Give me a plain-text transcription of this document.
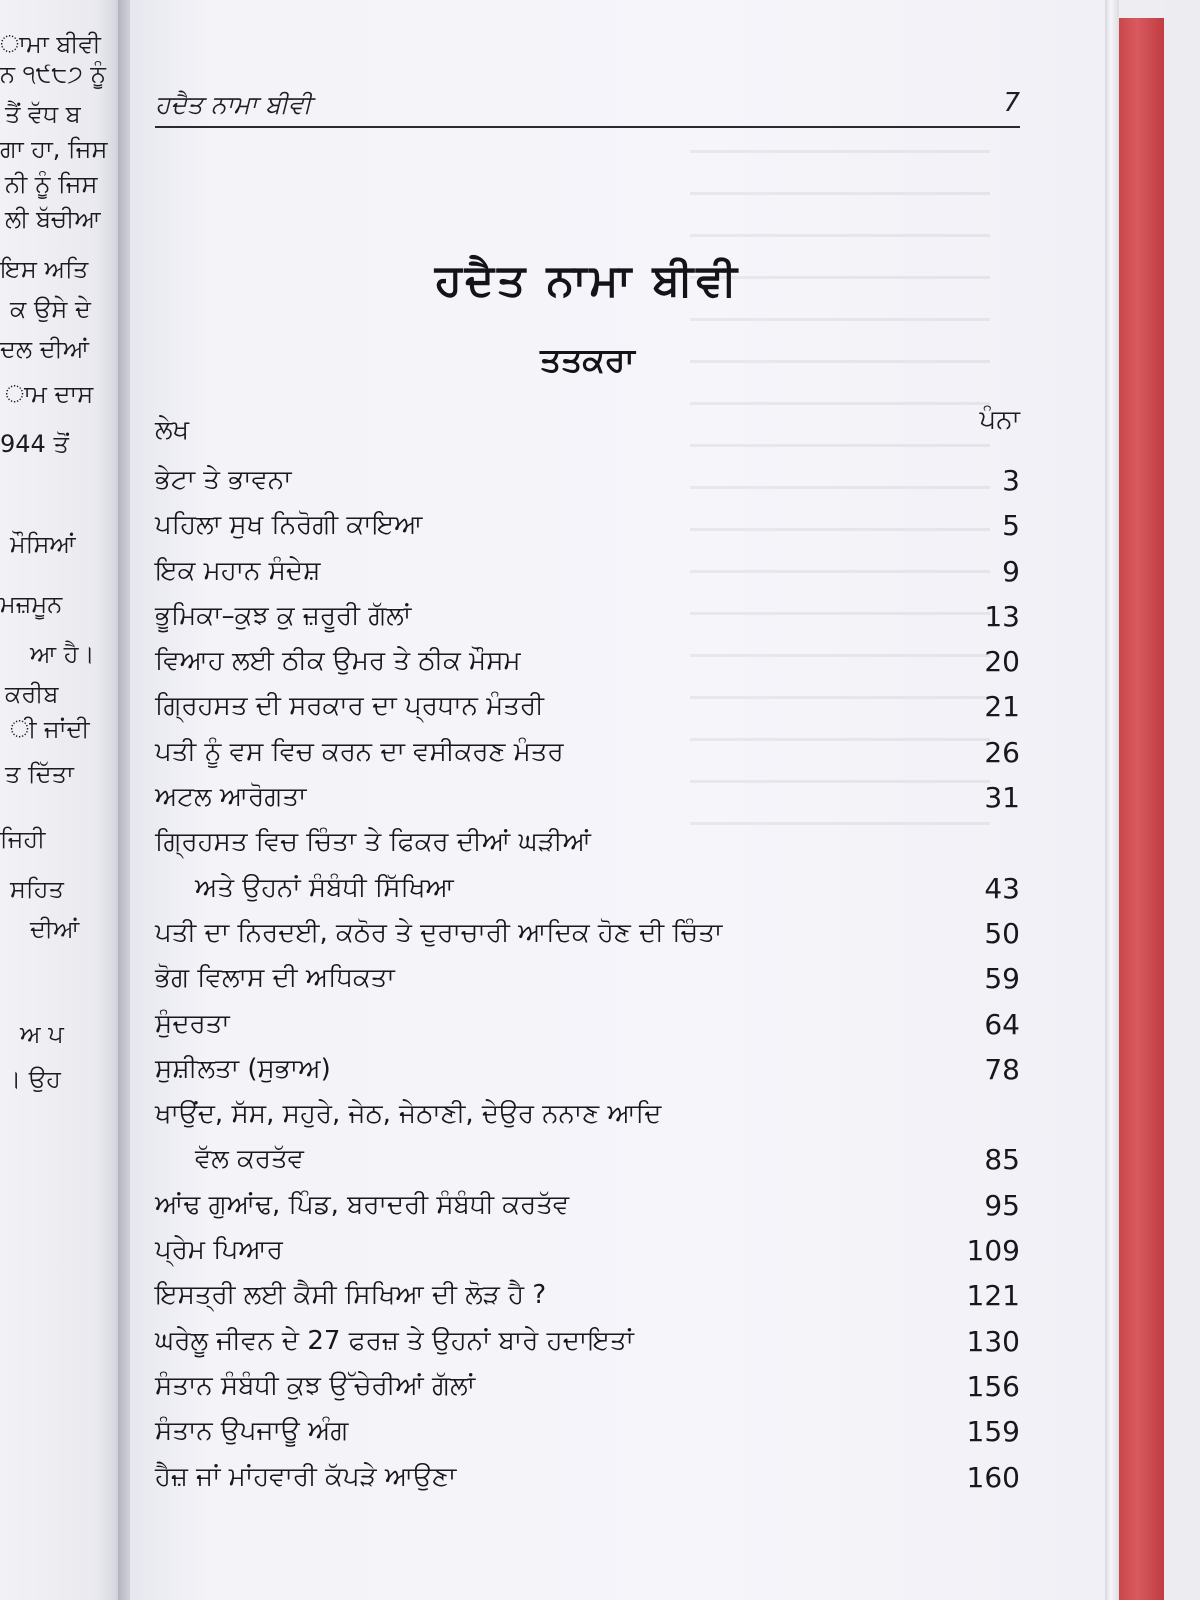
ਾਮਾ ਬੀਵੀ
ਨ ੧੯੮੭ ਨੂੰ
ਤੈਂ ਵੱਧ ਬ
ਗਾ ਹਾ, ਜਿਸ
ਨੀ ਨੂੰ ਜਿਸ
ਲੀ ਬੱਚੀਆ
ਇਸ ਅਤਿ
ਕ ਉਸੇ ਦੇ
ਦਲ ਦੀਆਂ
ਾਮ ਦਾਸ
944 ਤੋਂ
ਮੌਸਿਆਂ
ਮਜ਼ਮੂਨ
ਆ ਹੈ।
ਕਰੀਬ
ੀ ਜਾਂਦੀ
ਤ ਦਿੱਤਾ
ਜਿਹੀ
ਸਹਿਤ
ਦੀਆਂ
ਅ ਪ
। ਉਹ
ਹਦੈਤ ਨਾਮਾ ਬੀਵੀ	7
ਹਦੈਤ ਨਾਮਾ ਬੀਵੀ
ਤਤਕਰਾ
ਲੇਖ	ਪੰਨਾ
ਭੇਟਾ ਤੇ ਭਾਵਨਾ	3
ਪਹਿਲਾ ਸੁਖ ਨਿਰੋਗੀ ਕਾਇਆ	5
ਇਕ ਮਹਾਨ ਸੰਦੇਸ਼	9
ਭੂਮਿਕਾ–ਕੁਝ ਕੁ ਜ਼ਰੂਰੀ ਗੱਲਾਂ	13
ਵਿਆਹ ਲਈ ਠੀਕ ਉਮਰ ਤੇ ਠੀਕ ਮੌਸਮ	20
ਗ੍ਰਿਹਸਤ ਦੀ ਸਰਕਾਰ ਦਾ ਪ੍ਰਧਾਨ ਮੰਤਰੀ	21
ਪਤੀ ਨੂੰ ਵਸ ਵਿਚ ਕਰਨ ਦਾ ਵਸੀਕਰਣ ਮੰਤਰ	26
ਅਟਲ ਆਰੋਗਤਾ	31
ਗ੍ਰਿਹਸਤ ਵਿਚ ਚਿੰਤਾ ਤੇ ਫਿਕਰ ਦੀਆਂ ਘੜੀਆਂ
ਅਤੇ ਉਹਨਾਂ ਸੰਬੰਧੀ ਸਿੱਖਿਆ	43
ਪਤੀ ਦਾ ਨਿਰਦਈ, ਕਠੋਰ ਤੇ ਦੁਰਾਚਾਰੀ ਆਦਿਕ ਹੋਣ ਦੀ ਚਿੰਤਾ	50
ਭੋਗ ਵਿਲਾਸ ਦੀ ਅਧਿਕਤਾ	59
ਸੁੰਦਰਤਾ	64
ਸੁਸ਼ੀਲਤਾ (ਸੁਭਾਅ)	78
ਖਾਉਂਦ, ਸੱਸ, ਸਹੁਰੇ, ਜੇਠ, ਜੇਠਾਣੀ, ਦੇਉਰ ਨਨਾਣ ਆਦਿ
ਵੱਲ ਕਰਤੱਵ	85
ਆਂਢ ਗੁਆਂਢ, ਪਿੰਡ, ਬਰਾਦਰੀ ਸੰਬੰਧੀ ਕਰਤੱਵ	95
ਪ੍ਰੇਮ ਪਿਆਰ	109
ਇਸਤ੍ਰੀ ਲਈ ਕੈਸੀ ਸਿਖਿਆ ਦੀ ਲੋੜ ਹੈ ?	121
ਘਰੇਲੂ ਜੀਵਨ ਦੇ 27 ਫਰਜ਼ ਤੇ ਉਹਨਾਂ ਬਾਰੇ ਹਦਾਇਤਾਂ	130
ਸੰਤਾਨ ਸੰਬੰਧੀ ਕੁਝ ਉੱਚੇਰੀਆਂ ਗੱਲਾਂ	156
ਸੰਤਾਨ ਉਪਜਾਊ ਅੰਗ	159
ਹੈਜ਼ ਜਾਂ ਮਾਂਹਵਾਰੀ ਕੱਪੜੇ ਆਉਣਾ	160
